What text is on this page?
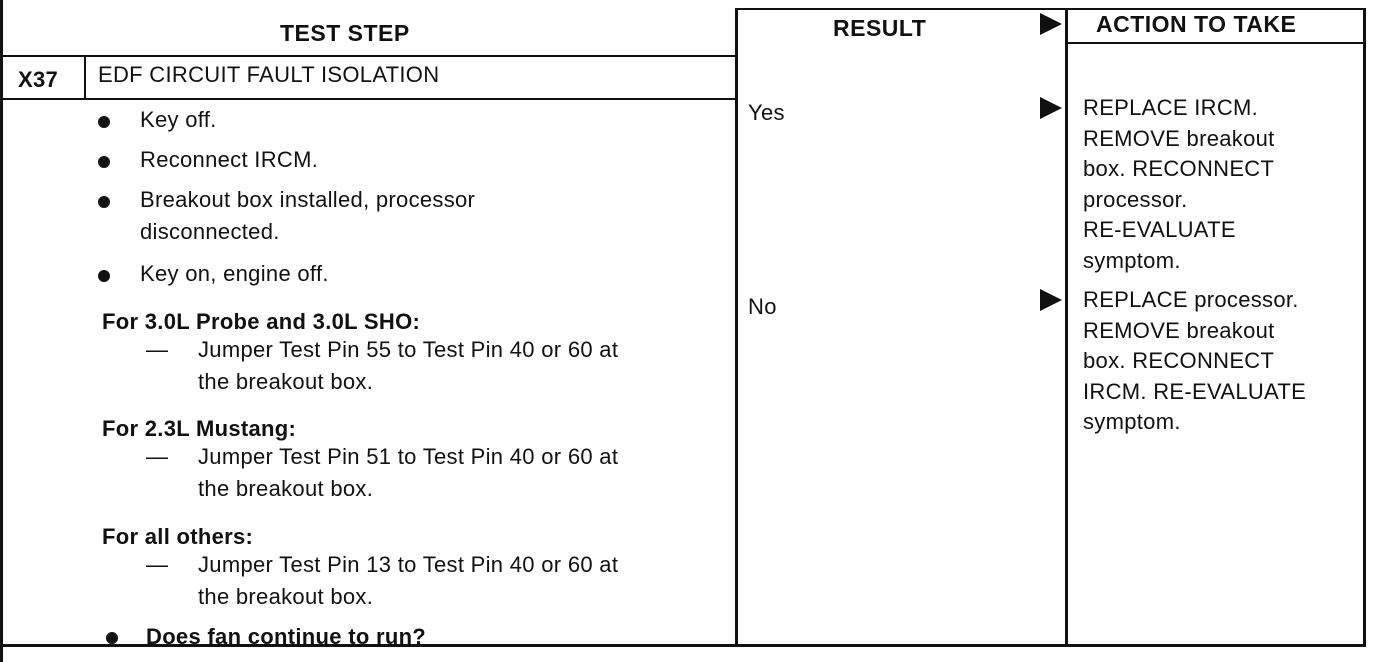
TEST STEP	RESULT	ACTION TO TAKE
X37 EDF CIRCUIT FAULT ISOLATION
Key off.
Reconnect IRCM.
Breakout box installed, processor
disconnected.
Key on, engine off.
For 3.0L Probe and 3.0L SHO:
— Jumper Test Pin 55 to Test Pin 40 or 60 at
the breakout box.
For 2.3L Mustang:
— Jumper Test Pin 51 to Test Pin 40 or 60 at
the breakout box.
For all others:
— Jumper Test Pin 13 to Test Pin 40 or 60 at
the breakout box.
Does fan continue to run?
Yes	REPLACE IRCM.
REMOVE breakout
box. RECONNECT
processor.
RE-EVALUATE
symptom.
No	REPLACE processor.
REMOVE breakout
box. RECONNECT
IRCM. RE-EVALUATE
symptom.
